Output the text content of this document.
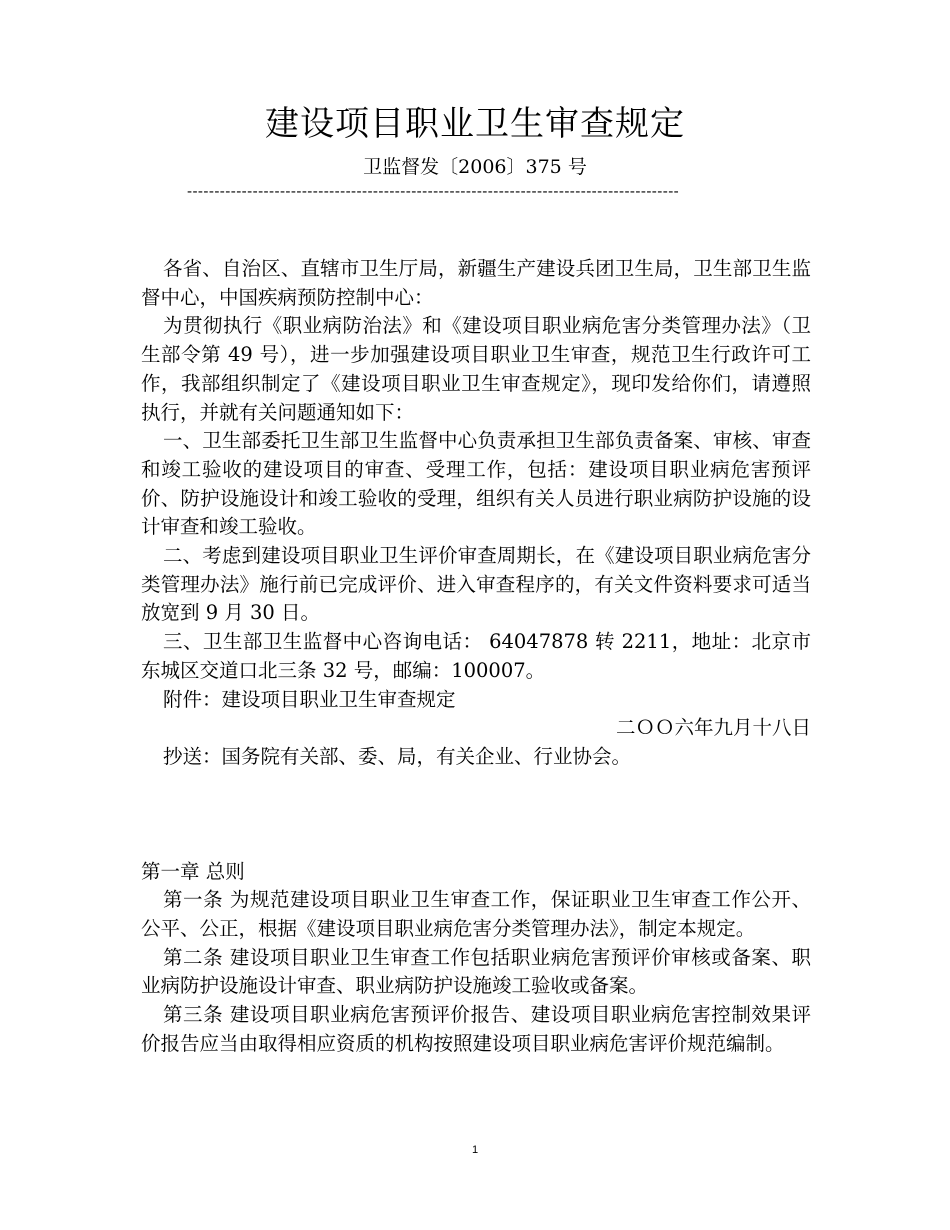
建设项目职业卫生审查规定
卫监督发〔2006〕375 号
------------------------------------------------------------------------------------------

各省、自治区、直辖市卫生厅局，新疆生产建设兵团卫生局，卫生部卫生监督中心，中国疾病预防控制中心：

为贯彻执行《职业病防治法》和《建设项目职业病危害分类管理办法》（卫生部令第 49 号），进一步加强建设项目职业卫生审查，规范卫生行政许可工作，我部组织制定了《建设项目职业卫生审查规定》，现印发给你们，请遵照执行，并就有关问题通知如下：

一、卫生部委托卫生部卫生监督中心负责承担卫生部负责备案、审核、审查和竣工验收的建设项目的审查、受理工作，包括：建设项目职业病危害预评价、防护设施设计和竣工验收的受理，组织有关人员进行职业病防护设施的设计审查和竣工验收。

二、考虑到建设项目职业卫生评价审查周期长，在《建设项目职业病危害分类管理办法》施行前已完成评价、进入审查程序的，有关文件资料要求可适当放宽到 9 月 30 日。

三、卫生部卫生监督中心咨询电话： 64047878 转 2211，地址：北京市东城区交道口北三条 32 号，邮编：100007。

附件：建设项目职业卫生审查规定

二ＯＯ六年九月十八日

抄送：国务院有关部、委、局，有关企业、行业协会。

第一章 总则

第一条 为规范建设项目职业卫生审查工作，保证职业卫生审查工作公开、公平、公正，根据《建设项目职业病危害分类管理办法》，制定本规定。

第二条 建设项目职业卫生审查工作包括职业病危害预评价审核或备案、职业病防护设施设计审查、职业病防护设施竣工验收或备案。

第三条 建设项目职业病危害预评价报告、建设项目职业病危害控制效果评价报告应当由取得相应资质的机构按照建设项目职业病危害评价规范编制。

1
